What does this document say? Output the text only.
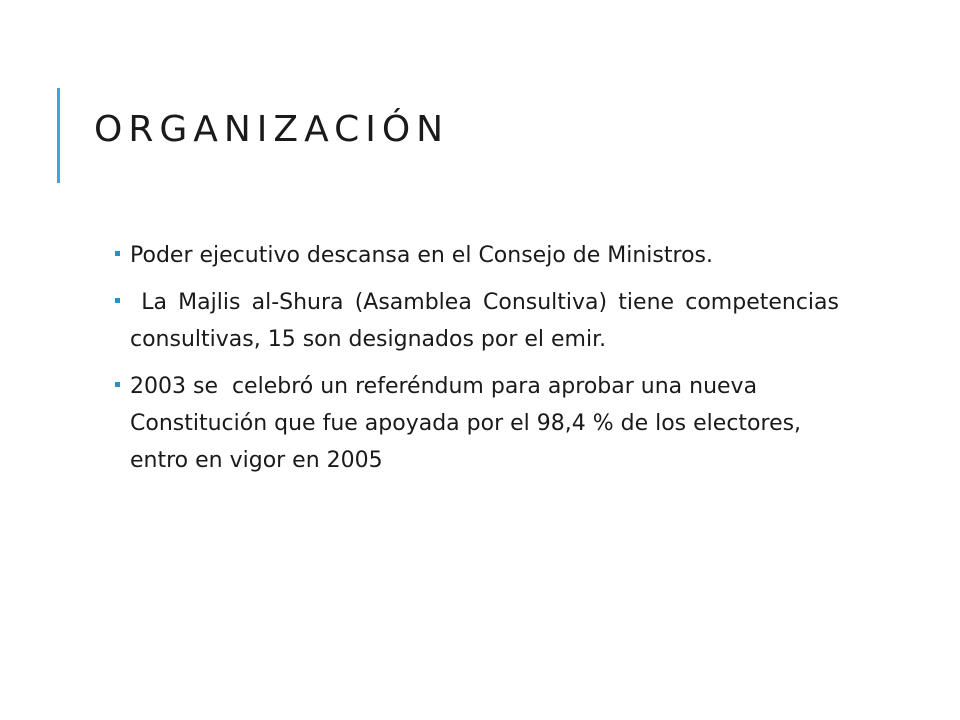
ORGANIZACIÓN
Poder ejecutivo descansa en el Consejo de Ministros.
La Majlis al-Shura (Asamblea Consultiva) tiene competencias consultivas, 15 son designados por el emir.
2003 se  celebró un referéndum para aprobar una nueva Constitución que fue apoyada por el 98,4 % de los electores, entro en vigor en 2005
